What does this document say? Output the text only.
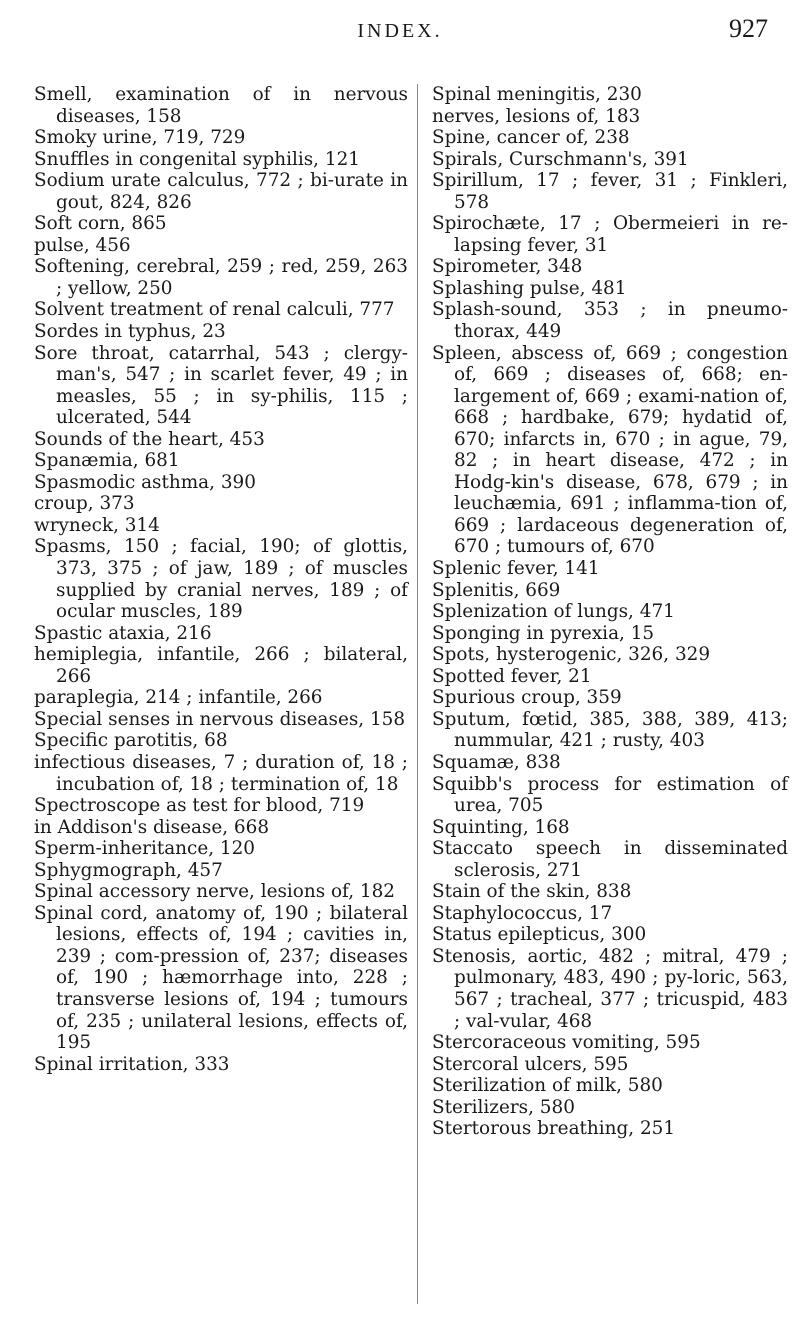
INDEX.	927
Smell, examination of in nervous diseases, 158
Smoky urine, 719, 729
Snuffles in congenital syphilis, 121
Sodium urate calculus, 772 ; bi-urate in gout, 824, 826
Soft corn, 865
pulse, 456
Softening, cerebral, 259 ; red, 259, 263 ; yellow, 250
Solvent treatment of renal calculi, 777
Sordes in typhus, 23
Sore throat, catarrhal, 543 ; clergy-man's, 547 ; in scarlet fever, 49 ; in measles, 55 ; in sy-philis, 115 ; ulcerated, 544
Sounds of the heart, 453
Spanæmia, 681
Spasmodic asthma, 390
croup, 373
wryneck, 314
Spasms, 150 ; facial, 190; of glottis, 373, 375 ; of jaw, 189 ; of muscles supplied by cranial nerves, 189 ; of ocular muscles, 189
Spastic ataxia, 216
hemiplegia, infantile, 266 ; bilateral, 266
paraplegia, 214 ; infantile, 266
Special senses in nervous diseases, 158
Specific parotitis, 68
infectious diseases, 7 ; duration of, 18 ; incubation of, 18 ; termination of, 18
Spectroscope as test for blood, 719
in Addison's disease, 668
Sperm-inheritance, 120
Sphygmograph, 457
Spinal accessory nerve, lesions of, 182
Spinal cord, anatomy of, 190 ; bilateral lesions, effects of, 194 ; cavities in, 239 ; com-pression of, 237; diseases of, 190 ; hæmorrhage into, 228 ; transverse lesions of, 194 ; tumours of, 235 ; unilateral lesions, effects of, 195
Spinal irritation, 333
Spinal meningitis, 230
nerves, lesions of, 183
Spine, cancer of, 238
Spirals, Curschmann's, 391
Spirillum, 17 ; fever, 31 ; Finkleri, 578
Spirochæte, 17 ; Obermeieri in re-lapsing fever, 31
Spirometer, 348
Splashing pulse, 481
Splash-sound, 353 ; in pneumo-thorax, 449
Spleen, abscess of, 669 ; congestion of, 669 ; diseases of, 668; en-largement of, 669 ; exami-nation of, 668 ; hardbake, 679; hydatid of, 670; infarcts in, 670 ; in ague, 79, 82 ; in heart disease, 472 ; in Hodg-kin's disease, 678, 679 ; in leuchæmia, 691 ; inflamma-tion of, 669 ; lardaceous degeneration of, 670 ; tumours of, 670
Splenic fever, 141
Splenitis, 669
Splenization of lungs, 471
Sponging in pyrexia, 15
Spots, hysterogenic, 326, 329
Spotted fever, 21
Spurious croup, 359
Sputum, fœtid, 385, 388, 389, 413; nummular, 421 ; rusty, 403
Squamæ, 838
Squibb's process for estimation of urea, 705
Squinting, 168
Staccato speech in disseminated sclerosis, 271
Stain of the skin, 838
Staphylococcus, 17
Status epilepticus, 300
Stenosis, aortic, 482 ; mitral, 479 ; pulmonary, 483, 490 ; py-loric, 563, 567 ; tracheal, 377 ; tricuspid, 483 ; val-vular, 468
Stercoraceous vomiting, 595
Stercoral ulcers, 595
Sterilization of milk, 580
Sterilizers, 580
Stertorous breathing, 251
